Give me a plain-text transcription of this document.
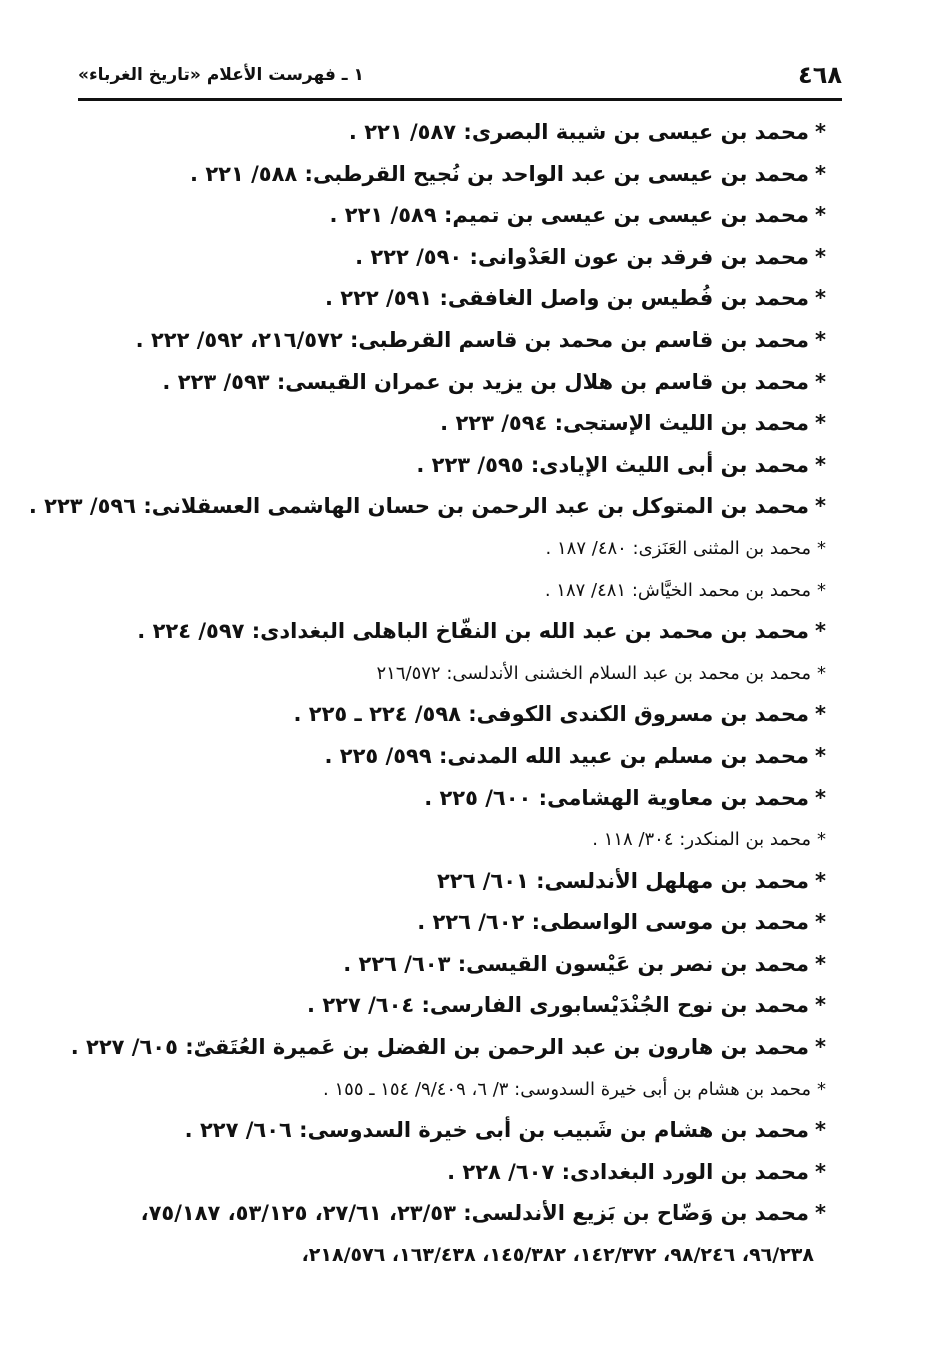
٤٦٨
١ ـ فهرست الأعلام «تاريخ الغرباء»
*محمد بن عيسى بن شيبة البصرى: ٥٨٧/ ٢٢١ .
*محمد بن عيسى بن عبد الواحد بن نُجيح القرطبى: ٥٨٨/ ٢٢١ .
*محمد بن عيسى بن عيسى بن تميم: ٥٨٩/ ٢٢١ .
*محمد بن فرقد بن عون العَدْوانى: ٥٩٠/ ٢٢٢ .
*محمد بن فُطيس بن واصل الغافقى: ٥٩١/ ٢٢٢ .
*محمد بن قاسم بن محمد بن قاسم القرطبى: ٢١٦/٥٧٢، ٥٩٢/ ٢٢٢ .
*محمد بن قاسم بن هلال بن يزيد بن عمران القيسى: ٥٩٣/ ٢٢٣ .
*محمد بن الليث الإستجى: ٥٩٤/ ٢٢٣ .
*محمد بن أبى الليث الإيادى: ٥٩٥/ ٢٢٣ .
*محمد بن المتوكل بن عبد الرحمن بن حسان الهاشمى العسقلانى: ٥٩٦/ ٢٢٣ .
*محمد بن المثنى العَنَزى: ٤٨٠/ ١٨٧ .
*محمد بن محمد الخيَّاش: ٤٨١/ ١٨٧ .
*محمد بن محمد بن عبد الله بن النفّاخ الباهلى البغدادى: ٥٩٧/ ٢٢٤ .
*محمد بن محمد بن عبد السلام الخشنى الأندلسى: ٢١٦/٥٧٢
*محمد بن مسروق الكندى الكوفى: ٥٩٨/ ٢٢٤ ـ ٢٢٥ .
*محمد بن مسلم بن عبيد الله المدنى: ٥٩٩/ ٢٢٥ .
*محمد بن معاوية الهشامى: ٦٠٠/ ٢٢٥ .
*محمد بن المنكدر: ٣٠٤/ ١١٨ .
*محمد بن مهلهل الأندلسى: ٦٠١/ ٢٢٦
*محمد بن موسى الواسطى: ٦٠٢/ ٢٢٦ .
*محمد بن نصر بن عَيْسون القيسى: ٦٠٣/ ٢٢٦ .
*محمد بن نوح الجُنْدَيْسابورى الفارسى: ٦٠٤/ ٢٢٧ .
*محمد بن هارون بن عبد الرحمن بن الفضل بن عَميرة العُتَقىّ: ٦٠٥/ ٢٢٧ .
*محمد بن هشام بن أبى خيرة السدوسى: ٣/ ٦، ٩/٤٠٩/ ١٥٤ ـ ١٥٥ .
*محمد بن هشام بن شَبيب بن أبى خيرة السدوسى: ٦٠٦/ ٢٢٧ .
*محمد بن الورد البغدادى: ٦٠٧/ ٢٢٨ .
*محمد بن وَضّاح بن بَزيع الأندلسى: ٢٣/٥٣، ٢٧/٦١، ٥٣/١٢٥، ٧٥/١٨٧،
٩٦/٢٣٨، ٩٨/٢٤٦، ١٤٢/٣٧٢، ١٤٥/٣٨٢، ١٦٣/٤٣٨، ٢١٨/٥٧٦،
